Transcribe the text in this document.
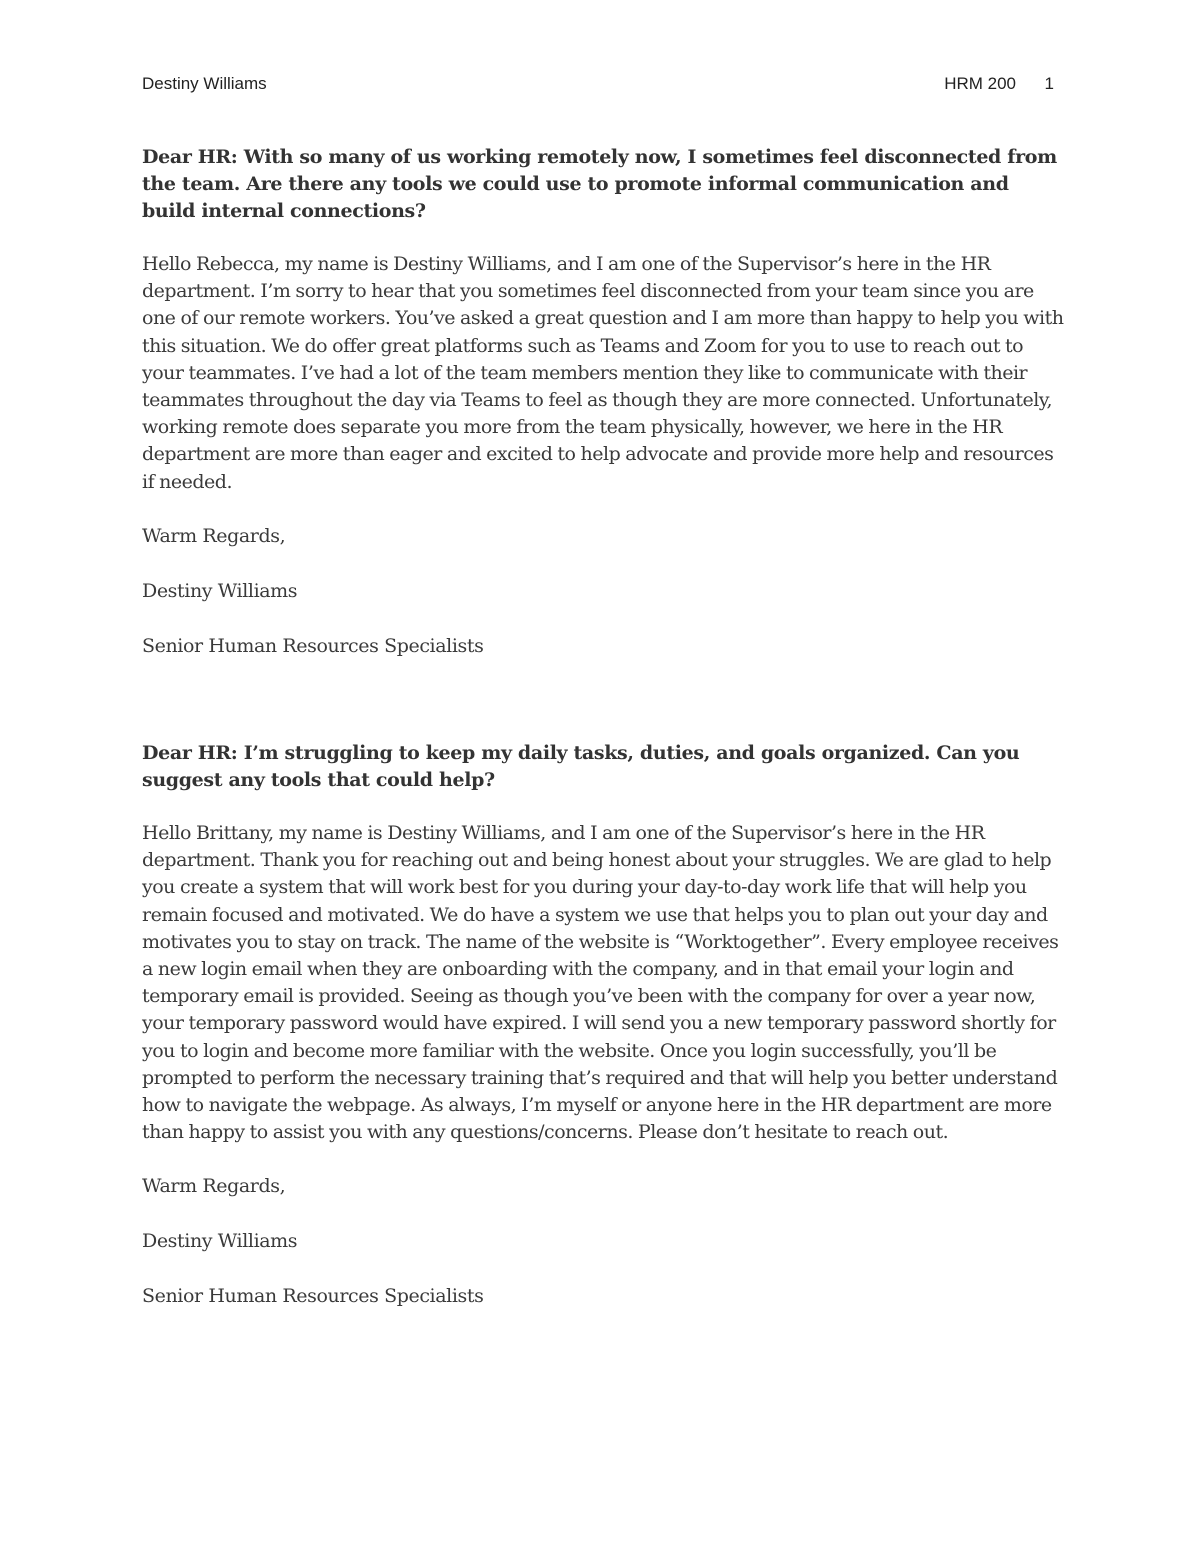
Destiny Williams	HRM 200 1

Dear HR: With so many of us working remotely now, I sometimes feel disconnected from the team. Are there any tools we could use to promote informal communication and build internal connections?

Hello Rebecca, my name is Destiny Williams, and I am one of the Supervisor’s here in the HR department. I’m sorry to hear that you sometimes feel disconnected from your team since you are one of our remote workers. You’ve asked a great question and I am more than happy to help you with this situation. We do offer great platforms such as Teams and Zoom for you to use to reach out to your teammates. I’ve had a lot of the team members mention they like to communicate with their teammates throughout the day via Teams to feel as though they are more connected. Unfortunately, working remote does separate you more from the team physically, however, we here in the HR department are more than eager and excited to help advocate and provide more help and resources if needed.

Warm Regards,

Destiny Williams

Senior Human Resources Specialists

Dear HR: I’m struggling to keep my daily tasks, duties, and goals organized. Can you suggest any tools that could help?

Hello Brittany, my name is Destiny Williams, and I am one of the Supervisor’s here in the HR department. Thank you for reaching out and being honest about your struggles. We are glad to help you create a system that will work best for you during your day-to-day work life that will help you remain focused and motivated. We do have a system we use that helps you to plan out your day and motivates you to stay on track. The name of the website is “Worktogether”. Every employee receives a new login email when they are onboarding with the company, and in that email your login and temporary email is provided. Seeing as though you’ve been with the company for over a year now, your temporary password would have expired. I will send you a new temporary password shortly for you to login and become more familiar with the website. Once you login successfully, you’ll be prompted to perform the necessary training that’s required and that will help you better understand how to navigate the webpage. As always, I’m myself or anyone here in the HR department are more than happy to assist you with any questions/concerns. Please don’t hesitate to reach out.

Warm Regards,

Destiny Williams

Senior Human Resources Specialists
